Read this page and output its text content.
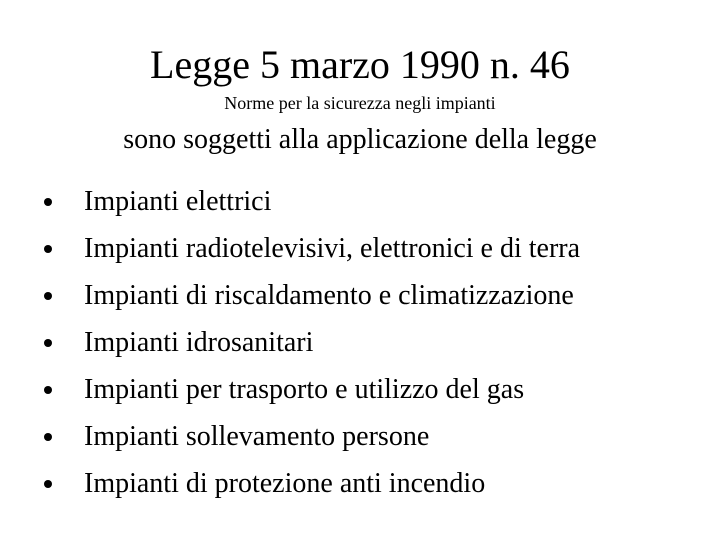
Legge 5 marzo 1990 n. 46
Norme per la sicurezza negli impianti
sono soggetti alla applicazione della legge
Impianti elettrici
Impianti radiotelevisivi, elettronici e di terra
Impianti di riscaldamento e climatizzazione
Impianti idrosanitari
Impianti per trasporto e utilizzo del gas
Impianti sollevamento persone
Impianti di protezione anti incendio
